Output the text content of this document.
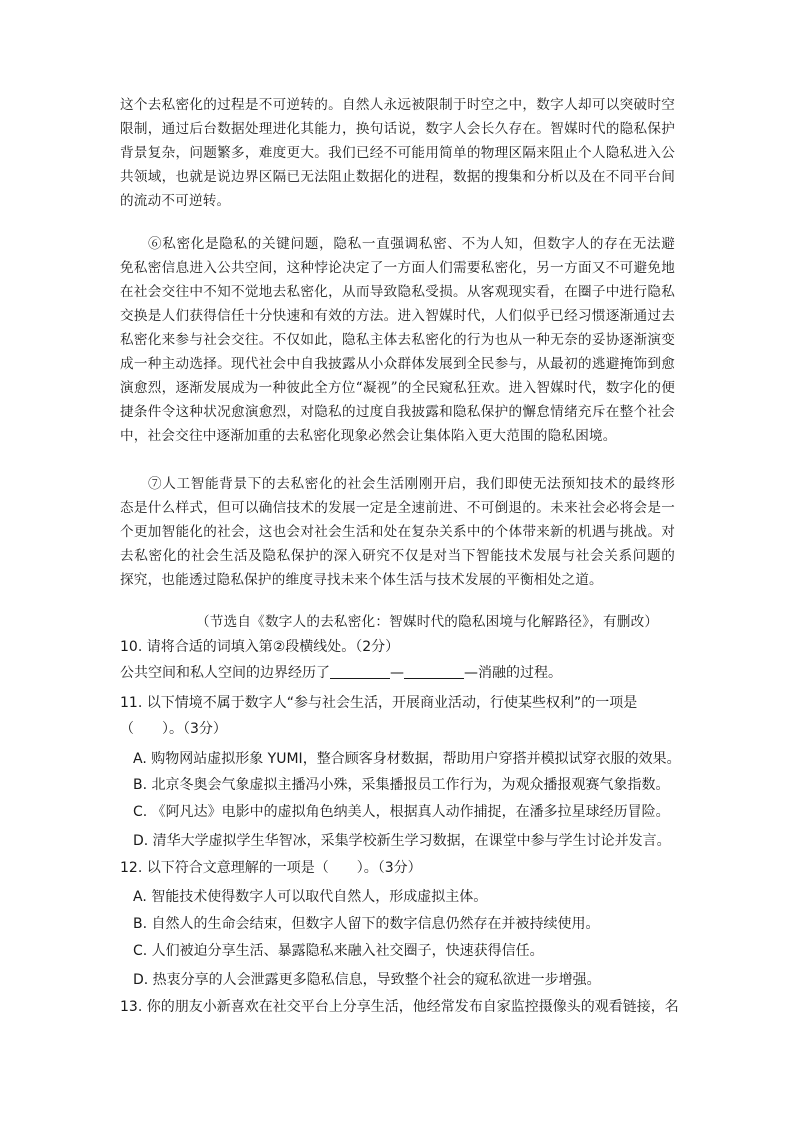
这个去私密化的过程是不可逆转的。自然人永远被限制于时空之中，数字人却可以突破时空
限制，通过后台数据处理进化其能力，换句话说，数字人会长久存在。智媒时代的隐私保护
背景复杂，问题繁多，难度更大。我们已经不可能用简单的物理区隔来阻止个人隐私进入公
共领域，也就是说边界区隔已无法阻止数据化的进程，数据的搜集和分析以及在不同平台间
的流动不可逆转。
⑥私密化是隐私的关键问题，隐私一直强调私密、不为人知，但数字人的存在无法避
免私密信息进入公共空间，这种悖论决定了一方面人们需要私密化，另一方面又不可避免地
在社会交往中不知不觉地去私密化，从而导致隐私受损。从客观现实看，在圈子中进行隐私
交换是人们获得信任十分快速和有效的方法。进入智媒时代，人们似乎已经习惯逐渐通过去
私密化来参与社会交往。不仅如此，隐私主体去私密化的行为也从一种无奈的妥协逐渐演变
成一种主动选择。现代社会中自我披露从小众群体发展到全民参与，从最初的逃避掩饰到愈
演愈烈，逐渐发展成为一种彼此全方位“凝视”的全民窥私狂欢。进入智媒时代，数字化的便
捷条件令这种状况愈演愈烈，对隐私的过度自我披露和隐私保护的懈怠情绪充斥在整个社会
中，社会交往中逐渐加重的去私密化现象必然会让集体陷入更大范围的隐私困境。
⑦人工智能背景下的去私密化的社会生活刚刚开启，我们即使无法预知技术的最终形
态是什么样式，但可以确信技术的发展一定是全速前进、不可倒退的。未来社会必将会是一
个更加智能化的社会，这也会对社会生活和处在复杂关系中的个体带来新的机遇与挑战。对
去私密化的社会生活及隐私保护的深入研究不仅是对当下智能技术发展与社会关系问题的
探究，也能透过隐私保护的维度寻找未来个体生活与技术发展的平衡相处之道。
（节选自《数字人的去私密化：智媒时代的隐私困境与化解路径》，有删改）
10. 请将合适的词填入第②段横线处。（2分）
公共空间和私人空间的边界经历了	—	—消融的过程。
11. 以下情境不属于数字人“参与社会生活，开展商业活动，行使某些权利”的一项是
（　　）。（3分）
A. 购物网站虚拟形象 YUMI，整合顾客身材数据，帮助用户穿搭并模拟试穿衣服的效果。
B. 北京冬奥会气象虚拟主播冯小殊，采集播报员工作行为，为观众播报观赛气象指数。
C. 《阿凡达》电影中的虚拟角色纳美人，根据真人动作捕捉，在潘多拉星球经历冒险。
D. 清华大学虚拟学生华智冰，采集学校新生学习数据，在课堂中参与学生讨论并发言。
12. 以下符合文意理解的一项是（　　）。（3分）
A. 智能技术使得数字人可以取代自然人，形成虚拟主体。
B. 自然人的生命会结束，但数字人留下的数字信息仍然存在并被持续使用。
C. 人们被迫分享生活、暴露隐私来融入社交圈子，快速获得信任。
D. 热衷分享的人会泄露更多隐私信息，导致整个社会的窥私欲进一步增强。
13. 你的朋友小新喜欢在社交平台上分享生活，他经常发布自家监控摄像头的观看链接，名
